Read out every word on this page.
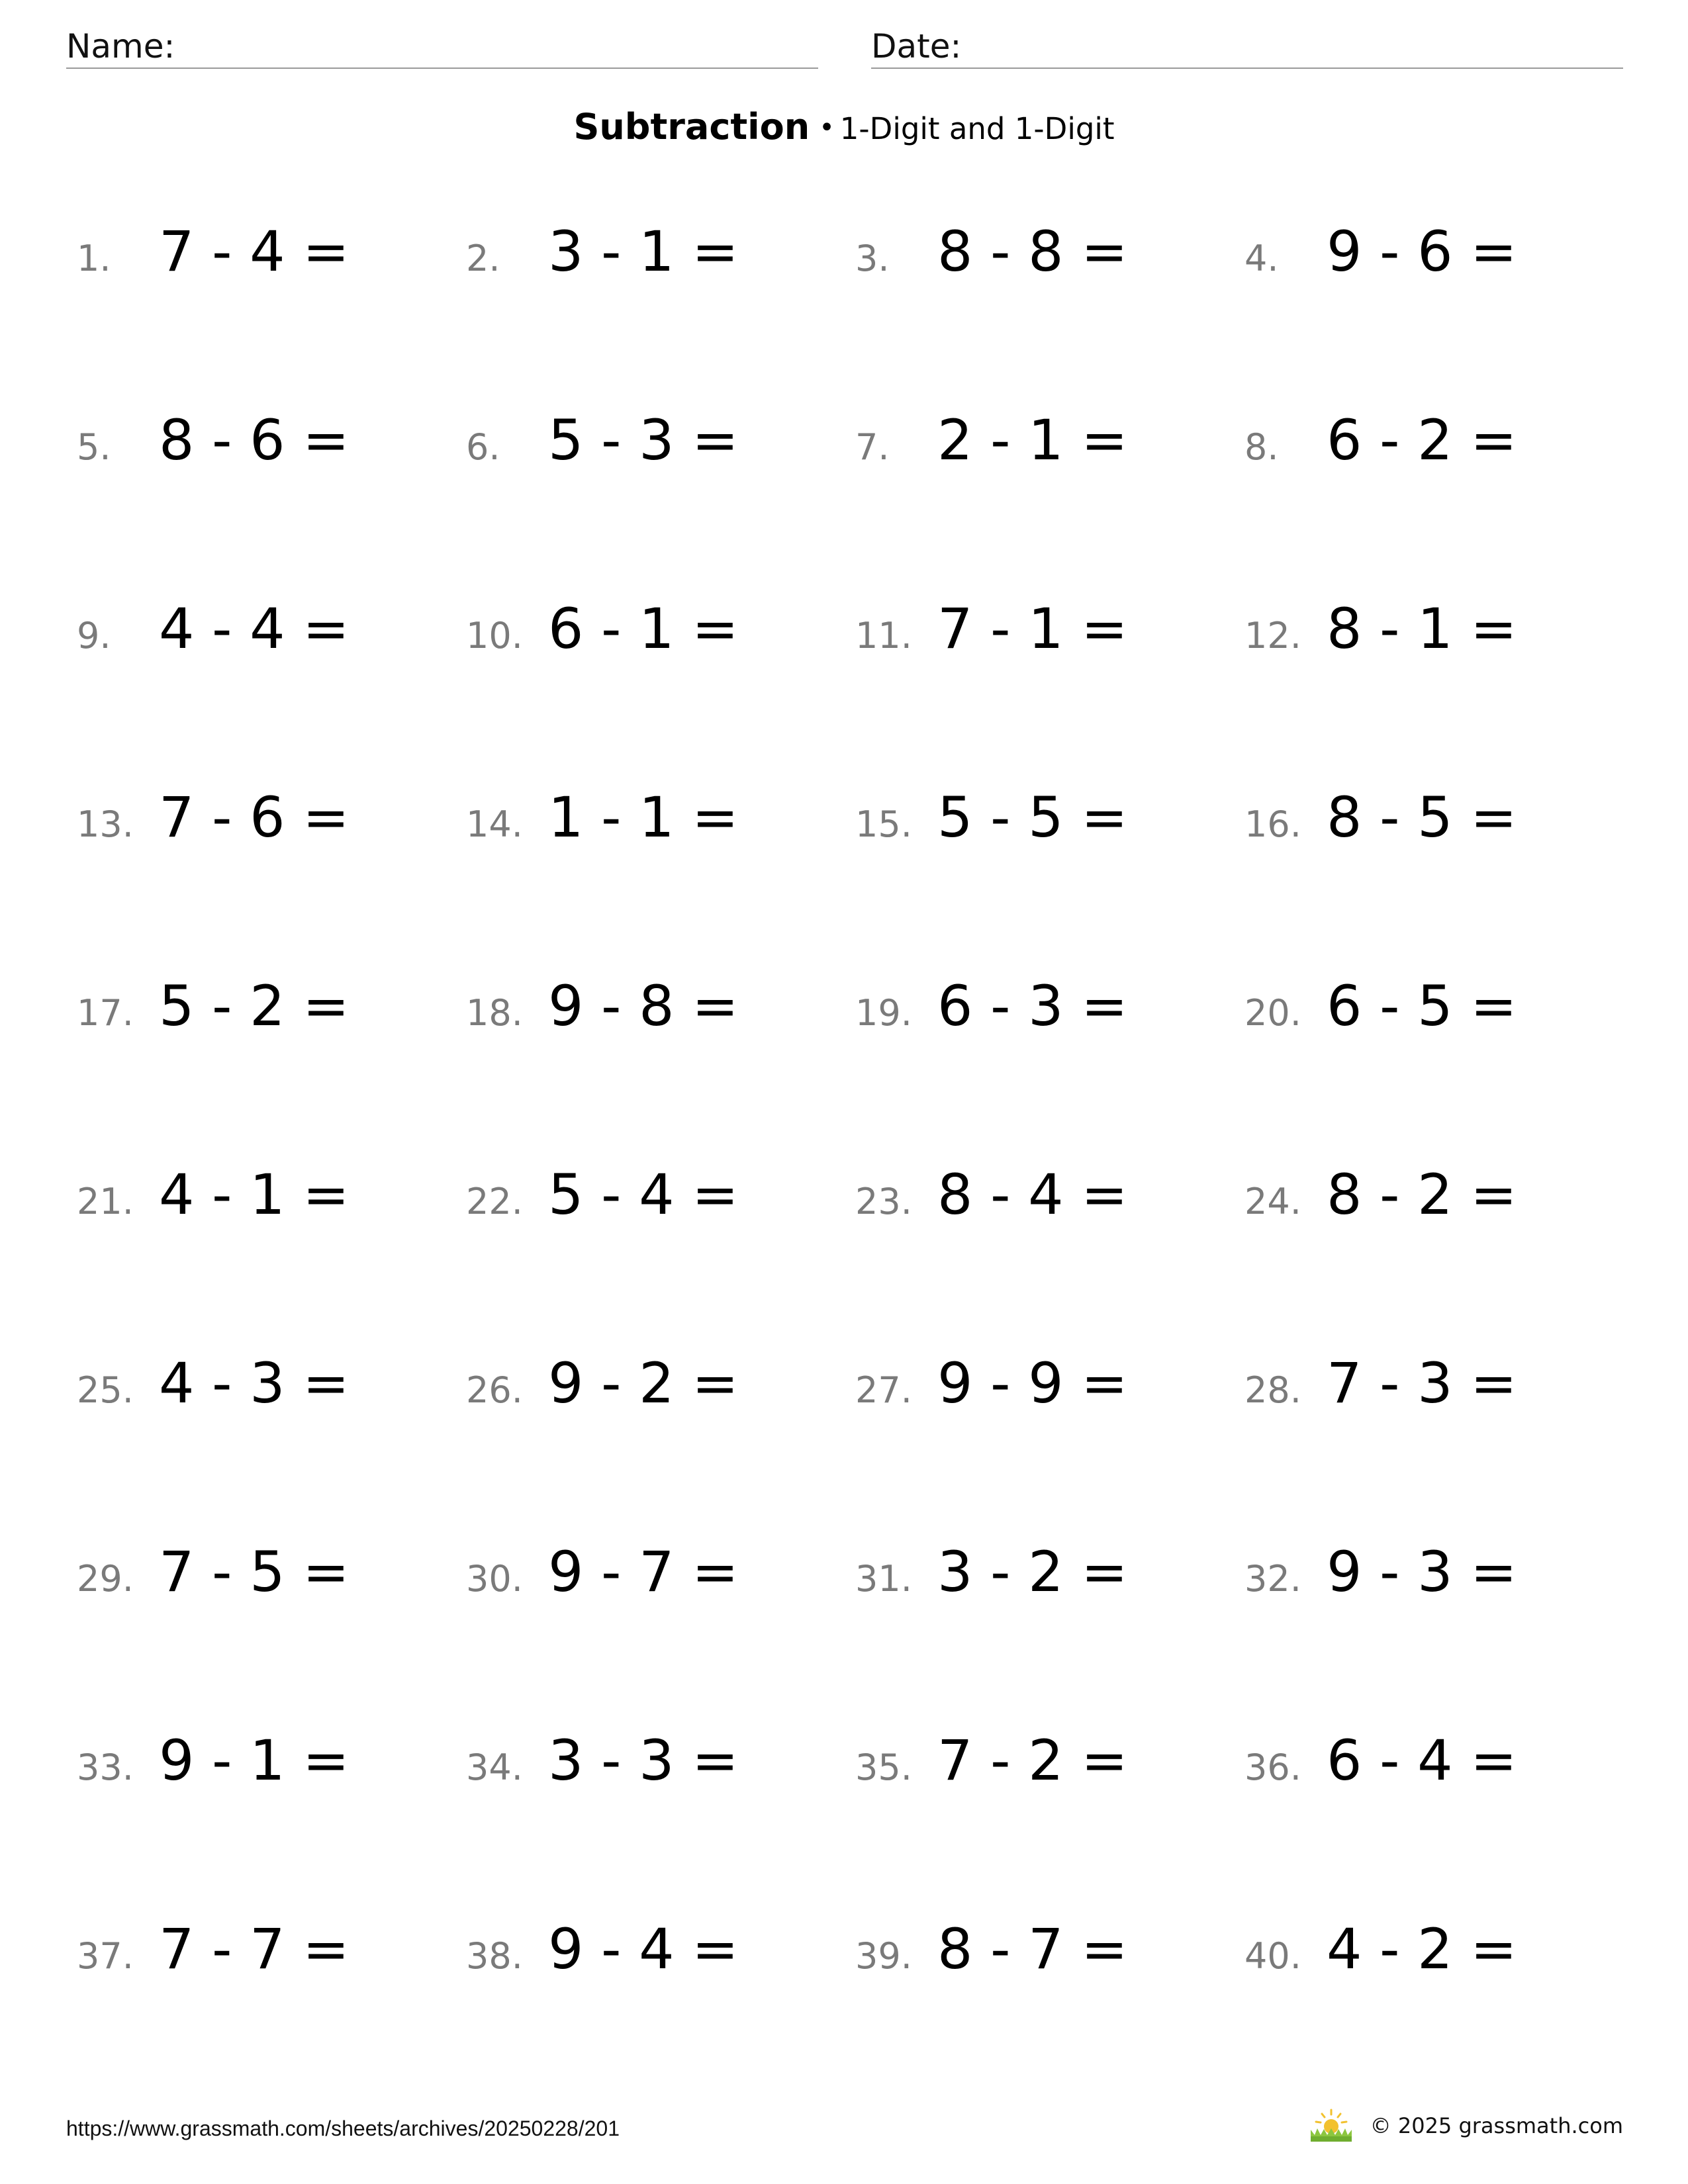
Name:	Date:
Subtraction • 1-Digit and 1-Digit
1. 7 - 4 =	2. 3 - 1 =	3. 8 - 8 =	4. 9 - 6 =
5. 8 - 6 =	6. 5 - 3 =	7. 2 - 1 =	8. 6 - 2 =
9. 4 - 4 =	10. 6 - 1 =	11. 7 - 1 =	12. 8 - 1 =
13. 7 - 6 =	14. 1 - 1 =	15. 5 - 5 =	16. 8 - 5 =
17. 5 - 2 =	18. 9 - 8 =	19. 6 - 3 =	20. 6 - 5 =
21. 4 - 1 =	22. 5 - 4 =	23. 8 - 4 =	24. 8 - 2 =
25. 4 - 3 =	26. 9 - 2 =	27. 9 - 9 =	28. 7 - 3 =
29. 7 - 5 =	30. 9 - 7 =	31. 3 - 2 =	32. 9 - 3 =
33. 9 - 1 =	34. 3 - 3 =	35. 7 - 2 =	36. 6 - 4 =
37. 7 - 7 =	38. 9 - 4 =	39. 8 - 7 =	40. 4 - 2 =
https://www.grassmath.com/sheets/archives/20250228/201	© 2025 grassmath.com
